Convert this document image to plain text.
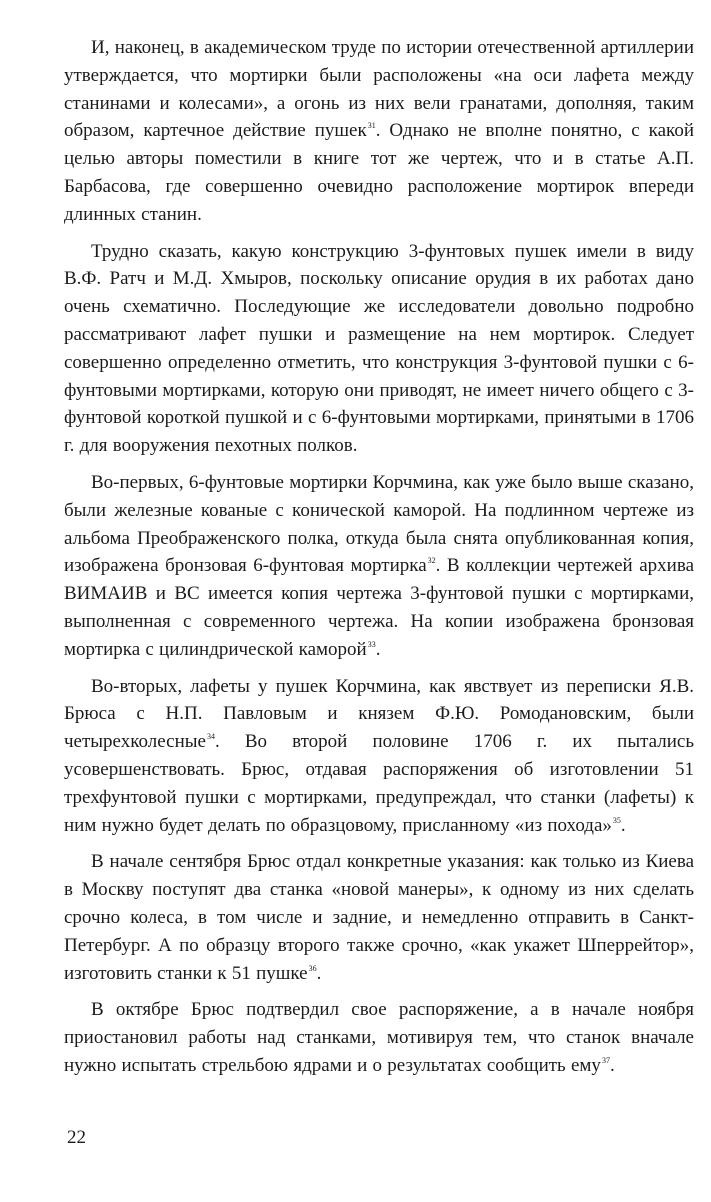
И, наконец, в академическом труде по истории отечественной артиллерии утверждается, что мортирки были расположены «на оси лафета между станинами и колесами», а огонь из них вели гранатами, дополняя, таким образом, картечное действие пушек$^{31}$. Однако не вполне понятно, с какой целью авторы поместили в книге тот же чертеж, что и в статье А.П. Барбасова, где совершенно очевидно расположение мортирок впереди длинных станин.

Трудно сказать, какую конструкцию 3-фунтовых пушек имели в виду В.Ф. Ратч и М.Д. Хмыров, поскольку описание орудия в их работах дано очень схематично. Последующие же исследователи довольно подробно рассматривают лафет пушки и размещение на нем мортирок. Следует совершенно определенно отметить, что конструкция 3-фунтовой пушки с 6-фунтовыми мортирками, которую они приводят, не имеет ничего общего с 3-фунтовой короткой пушкой и с 6-фунтовыми мортирками, принятыми в 1706 г. для вооружения пехотных полков.

Во-первых, 6-фунтовые мортирки Корчмина, как уже было выше сказано, были железные кованые с конической каморой. На подлинном чертеже из альбома Преображенского полка, откуда была снята опубликованная копия, изображена бронзовая 6-фунтовая мортирка$^{32}$. В коллекции чертежей архива ВИМАИВ и ВС имеется копия чертежа 3-фунтовой пушки с мортирками, выполненная с современного чертежа. На копии изображена бронзовая мортирка с цилиндрической каморой$^{33}$.

Во-вторых, лафеты у пушек Корчмина, как явствует из переписки Я.В. Брюса с Н.П. Павловым и князем Ф.Ю. Ромодановским, были четырехколесные$^{34}$. Во второй половине 1706 г. их пытались усовершенствовать. Брюс, отдавая распоряжения об изготовлении 51 трехфунтовой пушки с мортирками, предупреждал, что станки (лафеты) к ним нужно будет делать по образцовому, присланному «из похода»$^{35}$.

В начале сентября Брюс отдал конкретные указания: как только из Киева в Москву поступят два станка «новой манеры», к одному из них сделать срочно колеса, в том числе и задние, и немедленно отправить в Санкт-Петербург. А по образцу второго также срочно, «как укажет Шперрейтор», изготовить станки к 51 пушке$^{36}$.

В октябре Брюс подтвердил свое распоряжение, а в начале ноября приостановил работы над станками, мотивируя тем, что станок вначале нужно испытать стрельбою ядрами и о результатах сообщить ему$^{37}$.

22
